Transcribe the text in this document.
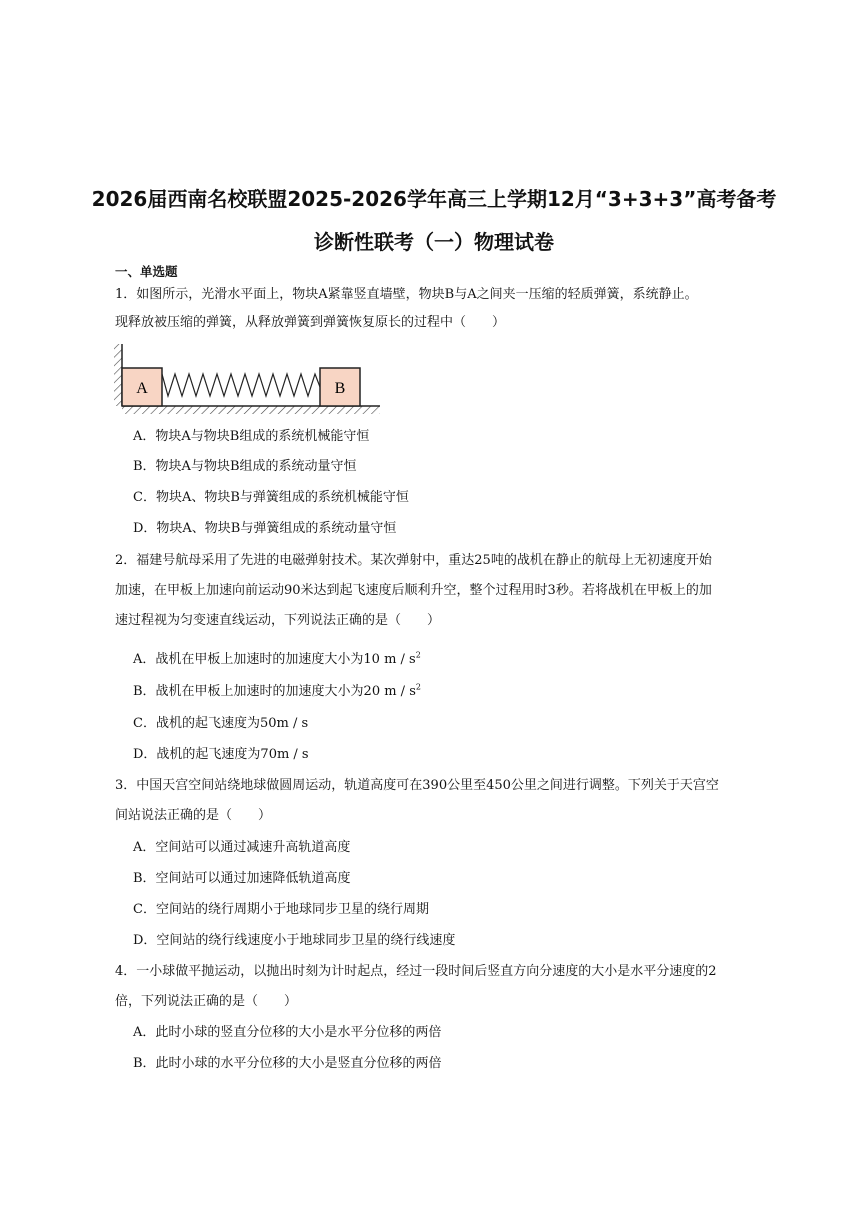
2026届西南名校联盟2025-2026学年高三上学期12月“3+3+3”高考备考
诊断性联考（一）物理试卷
一、单选题
1．如图所示，光滑水平面上，物块A紧靠竖直墙壁，物块B与A之间夹一压缩的轻质弹簧，系统静止。
现释放被压缩的弹簧，从释放弹簧到弹簧恢复原长的过程中（　　）
A	B
A．物块A与物块B组成的系统机械能守恒
B．物块A与物块B组成的系统动量守恒
C．物块A、物块B与弹簧组成的系统机械能守恒
D．物块A、物块B与弹簧组成的系统动量守恒
2．福建号航母采用了先进的电磁弹射技术。某次弹射中，重达25吨的战机在静止的航母上无初速度开始
加速，在甲板上加速向前运动90米达到起飞速度后顺利升空，整个过程用时3秒。若将战机在甲板上的加
速过程视为匀变速直线运动，下列说法正确的是（　　）
A．战机在甲板上加速时的加速度大小为10 m / $s^2$
B．战机在甲板上加速时的加速度大小为20 m / $s^2$
C．战机的起飞速度为50m / s
D．战机的起飞速度为70m / s
3．中国天宫空间站绕地球做圆周运动，轨道高度可在390公里至450公里之间进行调整。下列关于天宫空
间站说法正确的是（　　）
A．空间站可以通过减速升高轨道高度
B．空间站可以通过加速降低轨道高度
C．空间站的绕行周期小于地球同步卫星的绕行周期
D．空间站的绕行线速度小于地球同步卫星的绕行线速度
4．一小球做平抛运动，以抛出时刻为计时起点，经过一段时间后竖直方向分速度的大小是水平分速度的2
倍，下列说法正确的是（　　）
A．此时小球的竖直分位移的大小是水平分位移的两倍
B．此时小球的水平分位移的大小是竖直分位移的两倍
